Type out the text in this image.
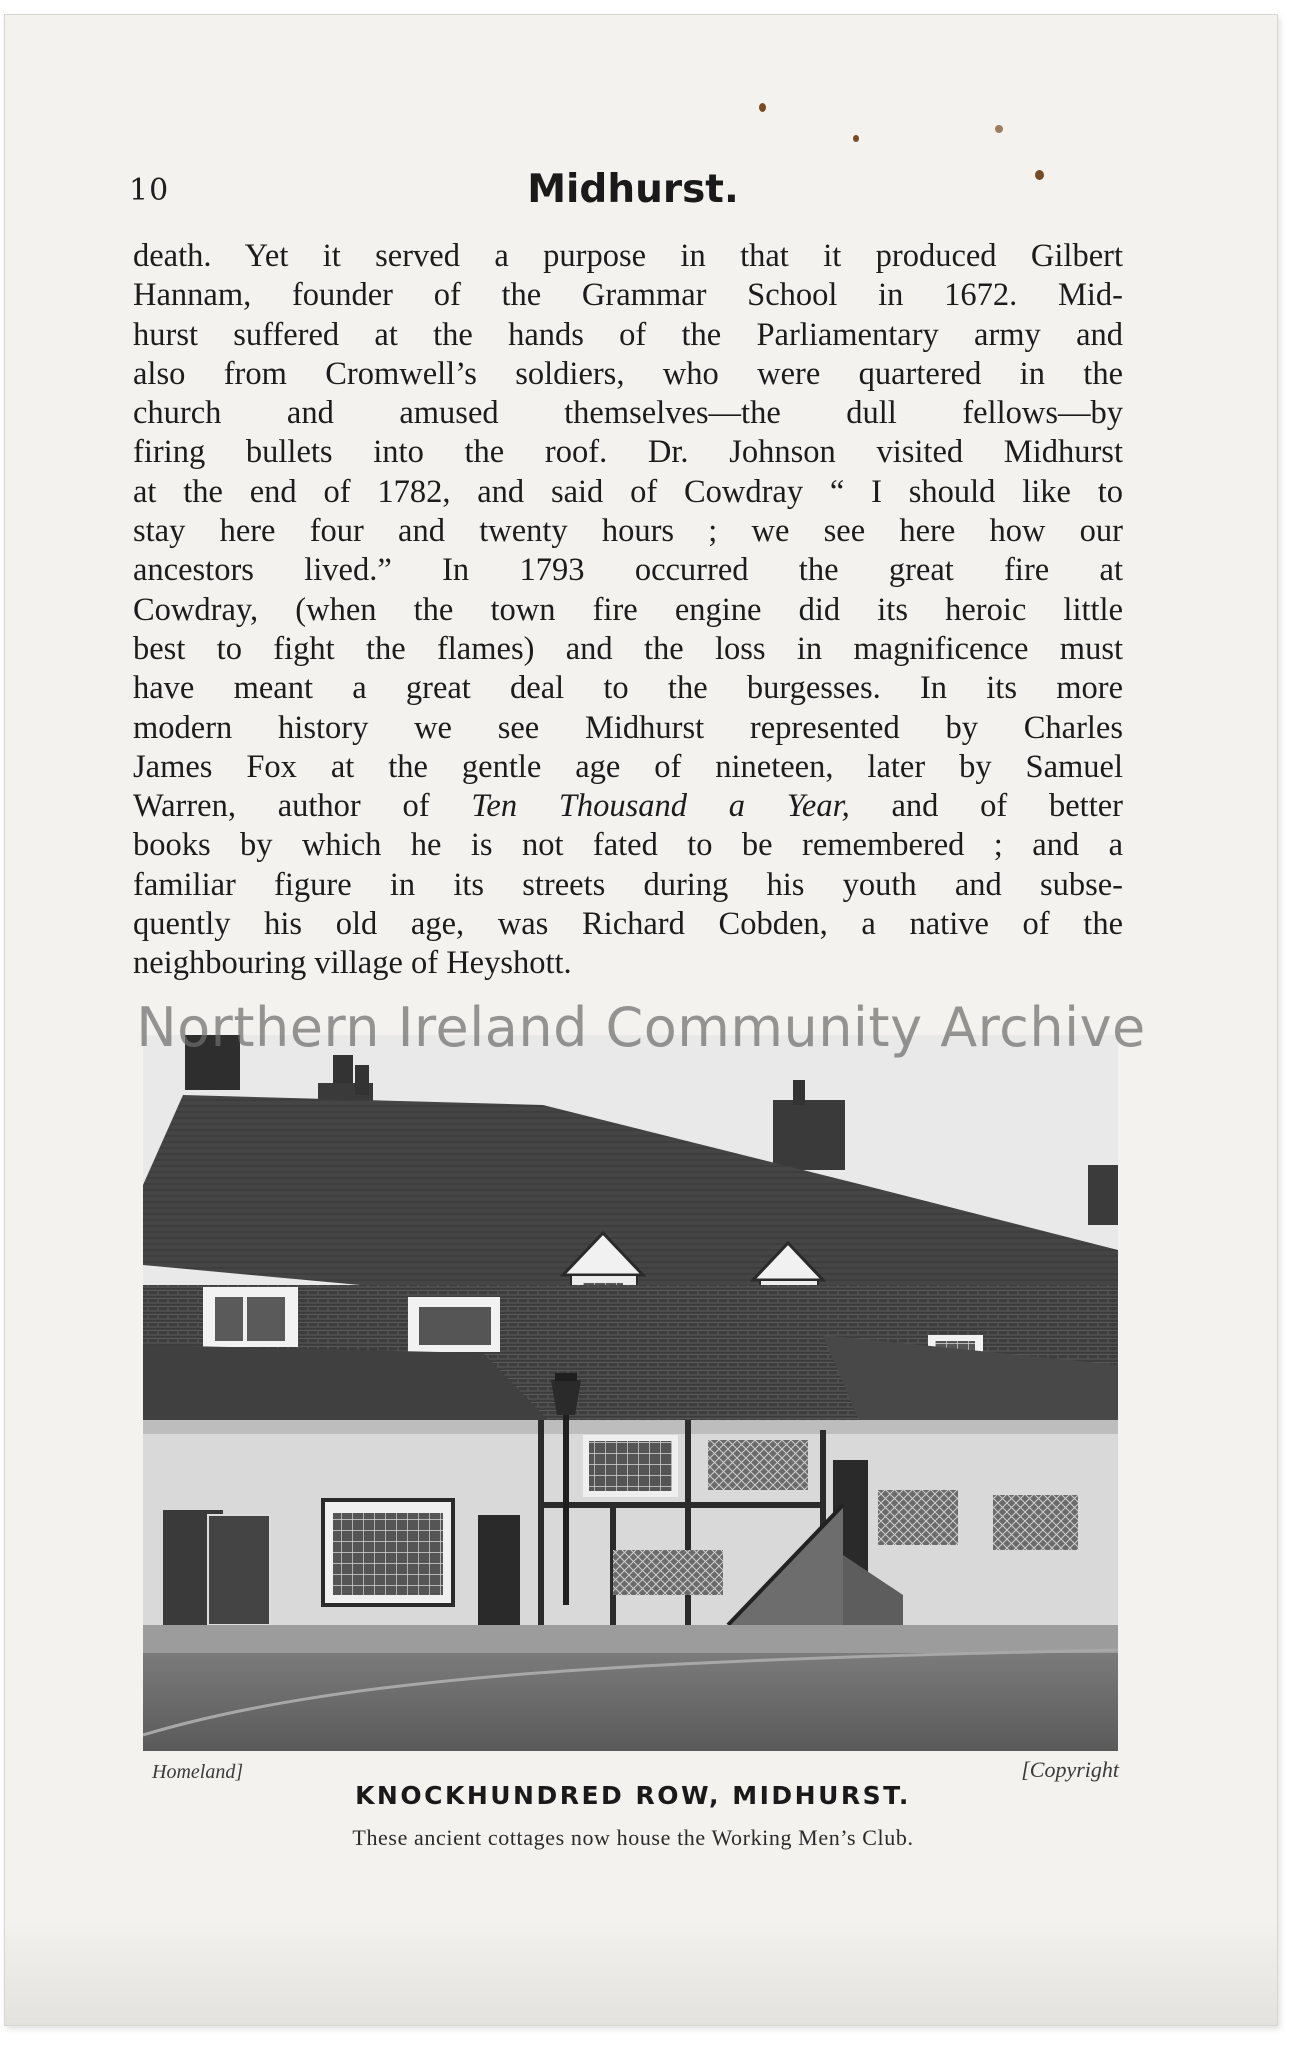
10	Midhurst.
death. Yet it served a purpose in that it produced Gilbert
Hannam, founder of the Grammar School in 1672. Mid-
hurst suffered at the hands of the Parliamentary army and
also from Cromwell’s soldiers, who were quartered in the
church and amused themselves—the dull fellows—by
firing bullets into the roof. Dr. Johnson visited Midhurst
at the end of 1782, and said of Cowdray “ I should like to
stay here four and twenty hours ; we see here how our
ancestors lived.” In 1793 occurred the great fire at
Cowdray, (when the town fire engine did its heroic little
best to fight the flames) and the loss in magnificence must
have meant a great deal to the burgesses. In its more
modern history we see Midhurst represented by Charles
James Fox at the gentle age of nineteen, later by Samuel
Warren, author of Ten Thousand a Year, and of better
books by which he is not fated to be remembered ; and a
familiar figure in its streets during his youth and subse-
quently his old age, was Richard Cobden, a native of the
neighbouring village of Heyshott.
Northern Ireland Community Archive
Homeland]	[Copyright
KNOCKHUNDRED ROW, MIDHURST.
These ancient cottages now house the Working Men’s Club.
